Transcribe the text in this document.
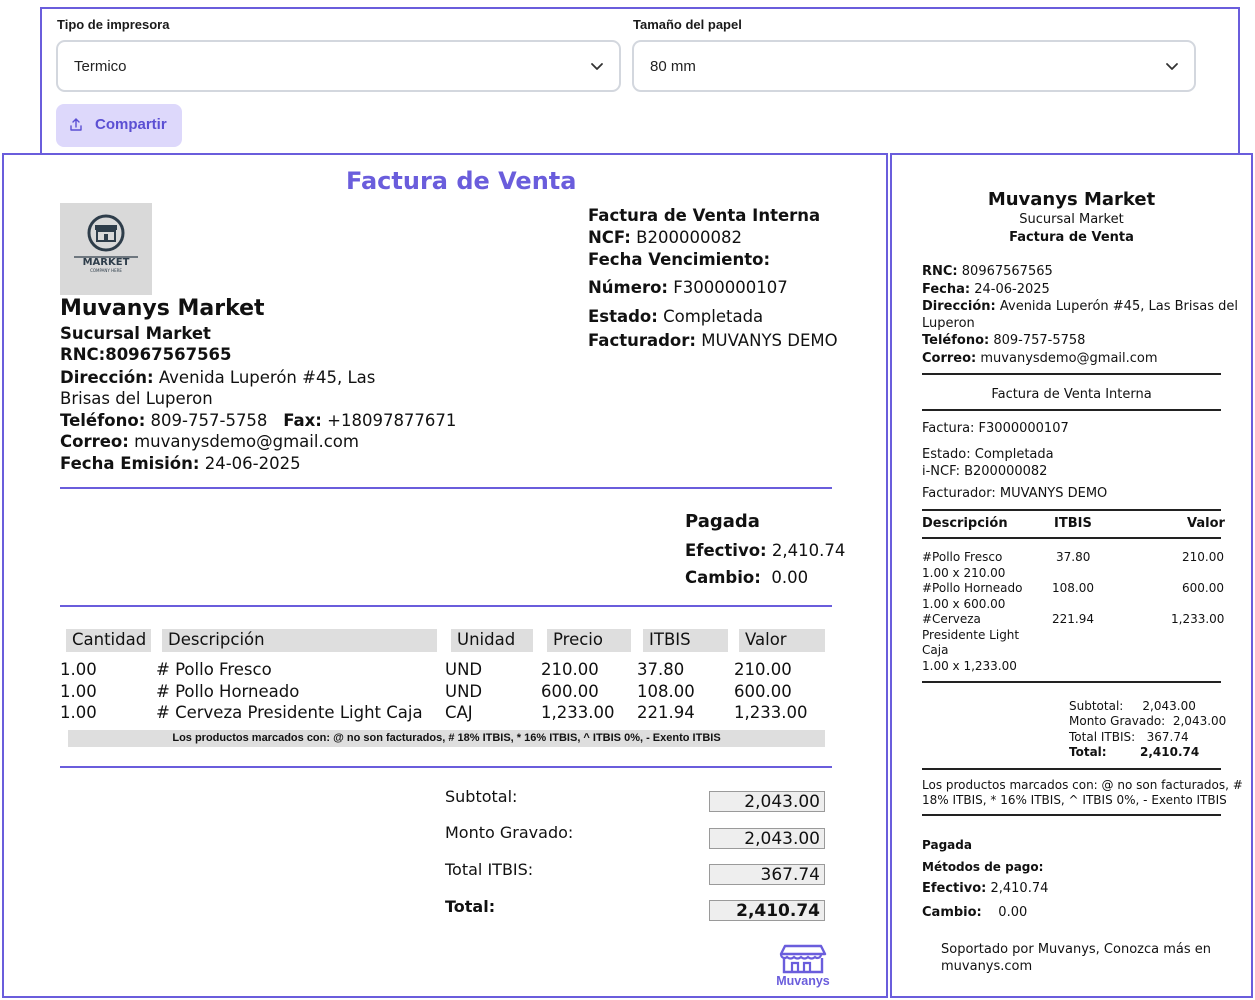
Tipo de impresora
Termico
Tamaño del papel
80 mm
Compartir
Factura de Venta
MARKET
COMPANY HERE
Muvanys Market
Sucursal Market
RNC:80967567565
Dirección: Avenida Luperón #45, Las
Brisas del Luperon
Teléfono: 809-757-5758 Fax: +18097877671
Correo: muvanysdemo@gmail.com
Fecha Emisión: 24-06-2025
Factura de Venta Interna
NCF: B200000082
Fecha Vencimiento:
Número: F3000000107
Estado: Completada
Facturador: MUVANYS DEMO
Pagada
Efectivo: 2,410.74
Cambio: 0.00
Cantidad	Descripción	Unidad	Precio	ITBIS	Valor
1.00	# Pollo Fresco	UND	210.00 37.80	210.00
1.00	# Pollo Horneado	UND	600.00 108.00 600.00
1.00	# Cerveza Presidente Light Caja CAJ	1,233.00 221.94 1,233.00
Los productos marcados con: @ no son facturados, # 18% ITBIS, * 16% ITBIS, ^ ITBIS 0%, - Exento ITBIS
Subtotal:	2,043.00
Monto Gravado:	2,043.00
Total ITBIS:	367.74
Total:	2,410.74
Muvanys
Muvanys Market
Sucursal Market
Factura de Venta
RNC: 80967567565
Fecha: 24-06-2025
Dirección: Avenida Luperón #45, Las Brisas del
Luperon
Teléfono: 809-757-5758
Correo: muvanysdemo@gmail.com
Factura de Venta Interna
Factura: F3000000107
Estado: Completada
i-NCF: B200000082
Facturador: MUVANYS DEMO
Descripción	ITBIS	Valor
#Pollo Fresco
1.00 x 210.00
37.80	210.00
#Pollo Horneado
1.00 x 600.00
108.00	600.00
#Cerveza
Presidente Light
Caja
1.00 x 1,233.00
221.94	1,233.00
Subtotal: 2,043.00
Monto Gravado: 2,043.00
Total ITBIS: 367.74
Total:	2,410.74
Los productos marcados con: @ no son facturados, #
18% ITBIS, * 16% ITBIS, ^ ITBIS 0%, - Exento ITBIS
Pagada
Métodos de pago:
Efectivo: 2,410.74
Cambio: 0.00
Soportado por Muvanys, Conozca más en
muvanys.com
